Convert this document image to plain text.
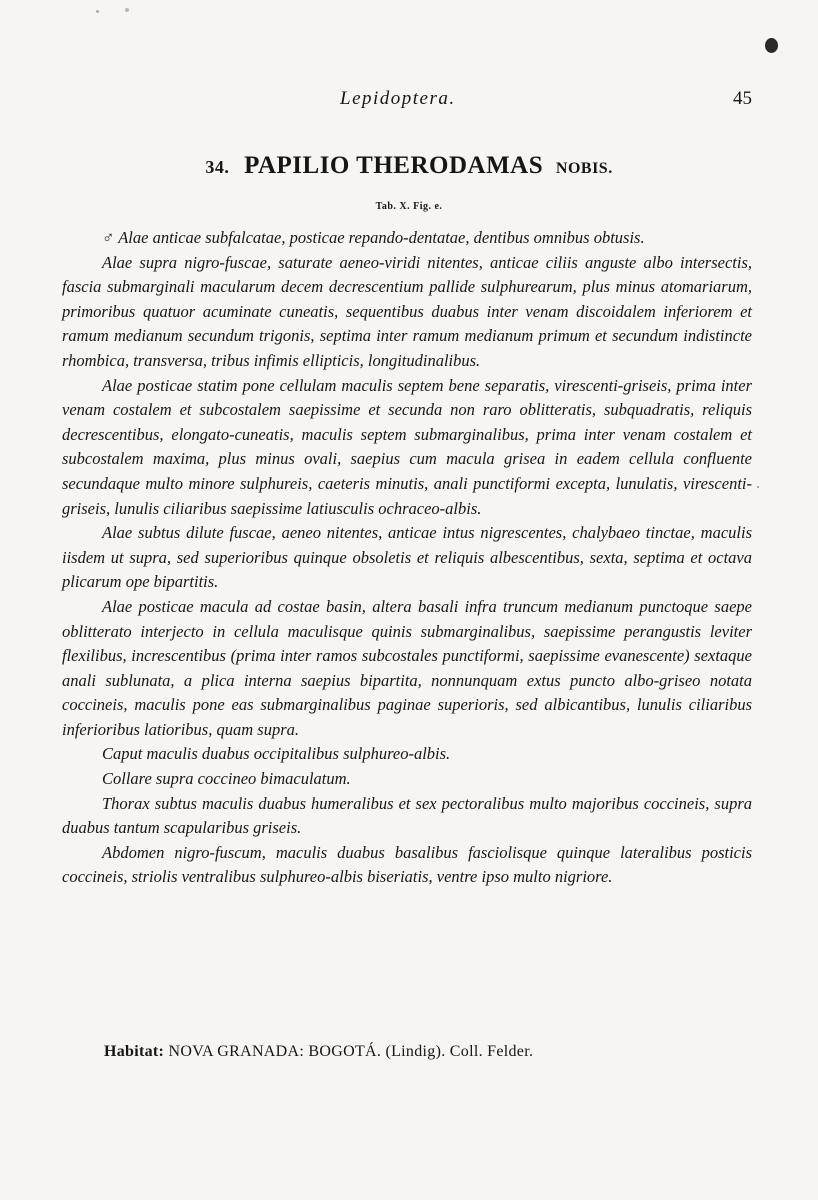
Lepidoptera.	45
34. PAPILIO THERODAMAS NOBIS.
Tab. X. Fig. e.

♂ Alae anticae subfalcatae, posticae repando-dentatae, dentibus omnibus obtusis.

Alae supra nigro-fuscae, saturate aeneo-viridi nitentes, anticae ciliis anguste albo intersectis, fascia submarginali macularum decem decrescentium pallide sulphurearum, plus minus atomariarum, primoribus quatuor acuminate cuneatis, sequentibus duabus inter venam discoidalem inferiorem et ramum medianum secundum trigonis, septima inter ramum medianum primum et secundum indistincte rhombica, transversa, tribus infimis ellipticis, longitudinalibus.

Alae posticae statim pone cellulam maculis septem bene separatis, virescenti-griseis, prima inter venam costalem et subcostalem saepissime et secunda non raro oblitteratis, subquadratis, reliquis decrescentibus, elongato-cuneatis, maculis septem submarginalibus, prima inter venam costalem et subcostalem maxima, plus minus ovali, saepius cum macula grisea in eadem cellula confluente secundaque multo minore sulphureis, caeteris minutis, anali punctiformi excepta, lunulatis, virescenti-griseis, lunulis ciliaribus saepissime latiusculis ochraceo-albis.

Alae subtus dilute fuscae, aeneo nitentes, anticae intus nigrescentes, chalybaeo tinctae, maculis iisdem ut supra, sed superioribus quinque obsoletis et reliquis albescentibus, sexta, septima et octava plicarum ope bipartitis.

Alae posticae macula ad costae basin, altera basali infra truncum medianum punctoque saepe oblitterato interjecto in cellula maculisque quinis submarginalibus, saepissime perangustis leviter flexilibus, increscentibus (prima inter ramos subcostales punctiformi, saepissime evanescente) sextaque anali sublunata, a plica interna saepius bipartita, nonnunquam extus puncto albo-griseo notata coccineis, maculis pone eas submarginalibus paginae superioris, sed albicantibus, lunulis ciliaribus inferioribus latioribus, quam supra.

Caput maculis duabus occipitalibus sulphureo-albis.

Collare supra coccineo bimaculatum.

Thorax subtus maculis duabus humeralibus et sex pectoralibus multo majoribus coccineis, supra duabus tantum scapularibus griseis.

Abdomen nigro-fuscum, maculis duabus basalibus fasciolisque quinque lateralibus posticis coccineis, striolis ventralibus sulphureo-albis biseriatis, ventre ipso multo nigriore.

Habitat: NOVA GRANADA: BOGOTÁ. (Lindig). Coll. Felder.
